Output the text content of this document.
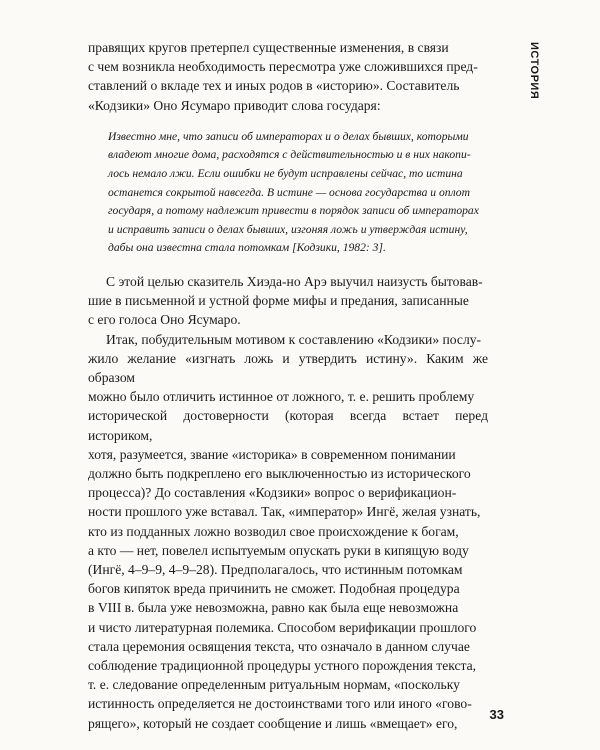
ИСТОРИЯ

правящих кругов претерпел существенные изменения, в связи
с чем возникла необходимость пересмотра уже сложившихся пред-
ставлений о вкладе тех и иных родов в «историю». Составитель
«Кодзики» Оно Ясумаро приводит слова государя:

Известно мне, что записи об императорах и о делах бывших, которыми
владеют многие дома, расходятся с действительностью и в них накопи-
лось немало лжи. Если ошибки не будут исправлены сейчас, то истина
останется сокрытой навсегда. В истине — основа государства и оплот
государя, а потому надлежит привести в порядок записи об императорах
и исправить записи о делах бывших, изгоняя ложь и утверждая истину,
дабы она известна стала потомкам [Кодзики, 1982: 3].

С этой целью сказитель Хиэда-но Арэ выучил наизусть бытовав-
шие в письменной и устной форме мифы и предания, записанные
с его голоса Оно Ясумаро.

Итак, побудительным мотивом к составлению «Кодзики» послу-
жило желание «изгнать ложь и утвердить истину». Каким же образом
можно было отличить истинное от ложного, т. е. решить проблему
исторической достоверности (которая всегда встает перед историком,
хотя, разумеется, звание «историка» в современном понимании
должно быть подкреплено его выключенностью из исторического
процесса)? До составления «Кодзики» вопрос о верификацион-
ности прошлого уже вставал. Так, «император» Ингё, желая узнать,
кто из подданных ложно возводил свое происхождение к богам,
а кто — нет, повелел испытуемым опускать руки в кипящую воду
(Ингё, 4–9–9, 4–9–28). Предполагалось, что истинным потомкам
богов кипяток вреда причинить не сможет. Подобная процедура
в VIII в. была уже невозможна, равно как была еще невозможна
и чисто литературная полемика. Способом верификации прошлого
стала церемония освящения текста, что означало в данном случае
соблюдение традиционной процедуры устного порождения текста,
т. е. следование определенным ритуальным нормам, «поскольку
истинность определяется не достоинствами того или иного «гово-
рящего», который не создает сообщение и лишь «вмещает» его,

33
